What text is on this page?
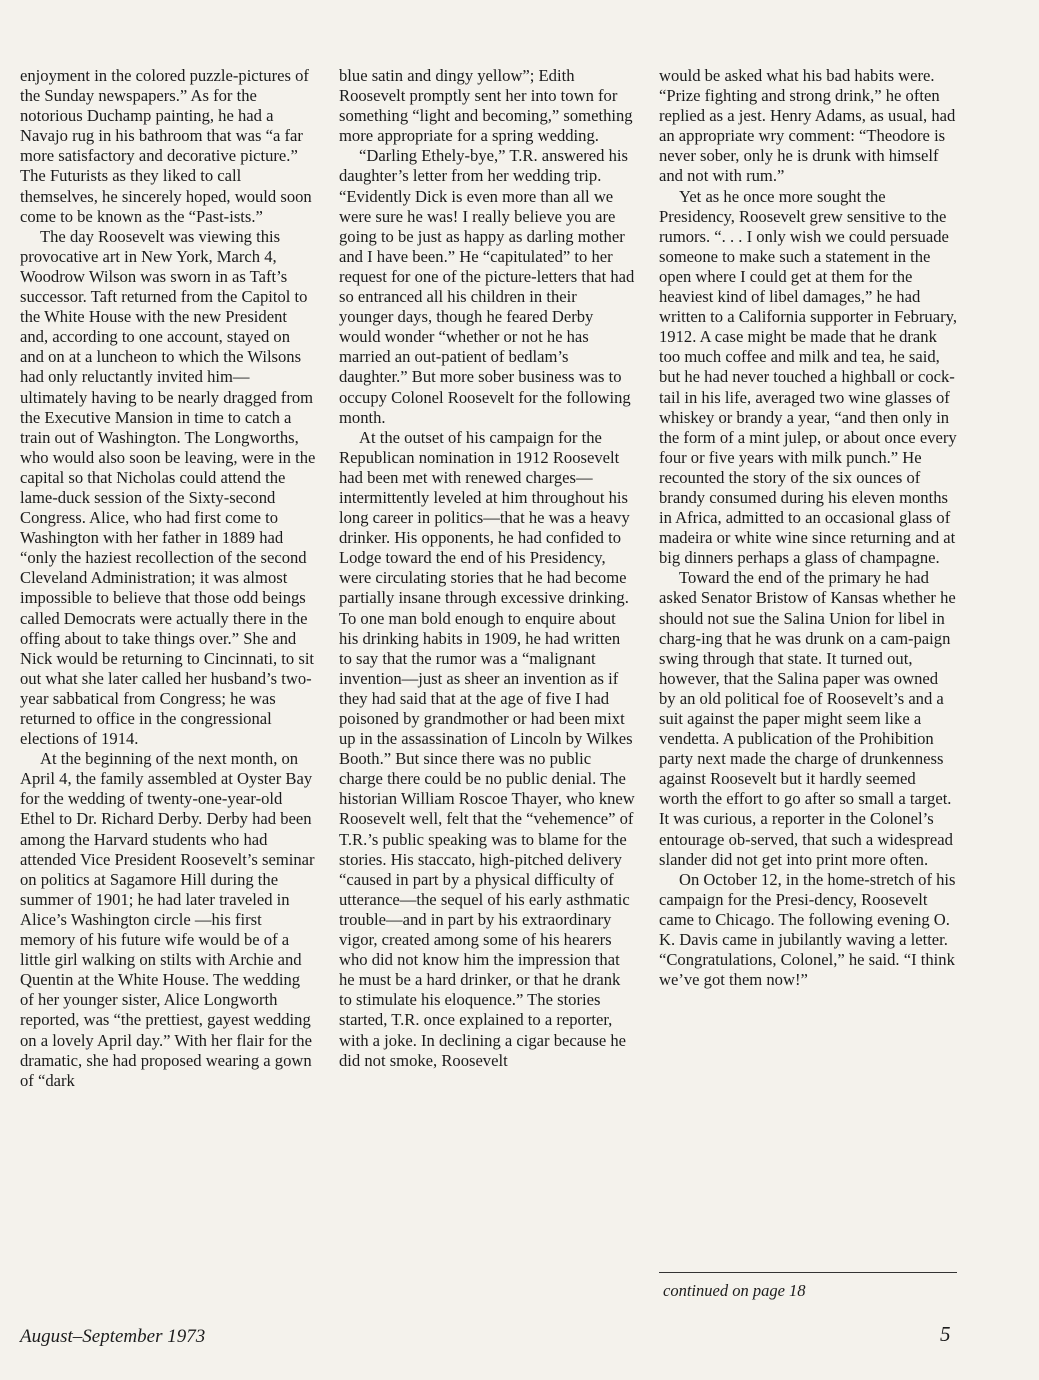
enjoyment in the colored puzzle-pictures of the Sunday newspapers.” As for the notorious Duchamp painting, he had a Navajo rug in his bathroom that was “a far more satisfactory and decorative picture.” The Futurists as they liked to call themselves, he sincerely hoped, would soon come to be known as the “Past-ists.”

The day Roosevelt was viewing this provocative art in New York, March 4, Woodrow Wilson was sworn in as Taft’s successor. Taft returned from the Capitol to the White House with the new President and, according to one account, stayed on and on at a luncheon to which the Wilsons had only reluctantly invited him—ultimately having to be nearly dragged from the Executive Mansion in time to catch a train out of Washington. The Longworths, who would also soon be leaving, were in the capital so that Nicholas could attend the lame-duck session of the Sixty-second Congress. Alice, who had first come to Washington with her father in 1889 had “only the haziest recollection of the second Cleveland Administration; it was almost impossible to believe that those odd beings called Democrats were actually there in the offing about to take things over.” She and Nick would be returning to Cincinnati, to sit out what she later called her husband’s two-year sabbatical from Congress; he was returned to office in the congressional elections of 1914.

At the beginning of the next month, on April 4, the family assembled at Oyster Bay for the wedding of twenty-one-year-old Ethel to Dr. Richard Derby. Derby had been among the Harvard students who had attended Vice President Roosevelt’s seminar on politics at Sagamore Hill during the summer of 1901; he had later traveled in Alice’s Washington circle —his first memory of his future wife would be of a little girl walking on stilts with Archie and Quentin at the White House. The wedding of her younger sister, Alice Longworth reported, was “the prettiest, gayest wedding on a lovely April day.” With her flair for the dramatic, she had proposed wearing a gown of “dark

blue satin and dingy yellow”; Edith Roosevelt promptly sent her into town for something “light and becoming,” something more appropriate for a spring wedding.

“Darling Ethely-bye,” T.R. answered his daughter’s letter from her wedding trip. “Evidently Dick is even more than all we were sure he was! I really believe you are going to be just as happy as darling mother and I have been.” He “capitulated” to her request for one of the picture-letters that had so entranced all his children in their younger days, though he feared Derby would wonder “whether or not he has married an out-patient of bedlam’s daughter.” But more sober business was to occupy Colonel Roosevelt for the following month.

At the outset of his campaign for the Republican nomination in 1912 Roosevelt had been met with renewed charges—intermittently leveled at him throughout his long career in politics—that he was a heavy drinker. His opponents, he had confided to Lodge toward the end of his Presidency, were circulating stories that he had become partially insane through excessive drinking. To one man bold enough to enquire about his drinking habits in 1909, he had written to say that the rumor was a “malignant invention—just as sheer an invention as if they had said that at the age of five I had poisoned by grandmother or had been mixt up in the assassination of Lincoln by Wilkes Booth.” But since there was no public charge there could be no public denial. The historian William Roscoe Thayer, who knew Roosevelt well, felt that the “vehemence” of T.R.’s public speaking was to blame for the stories. His staccato, high-pitched delivery “caused in part by a physical difficulty of utterance—the sequel of his early asthmatic trouble—and in part by his extraordinary vigor, created among some of his hearers who did not know him the impression that he must be a hard drinker, or that he drank to stimulate his eloquence.” The stories started, T.R. once explained to a reporter, with a joke. In declining a cigar because he did not smoke, Roosevelt

would be asked what his bad habits were. “Prize fighting and strong drink,” he often replied as a jest. Henry Adams, as usual, had an appropriate wry comment: “Theodore is never sober, only he is drunk with himself and not with rum.”

Yet as he once more sought the Presidency, Roosevelt grew sensitive to the rumors. “. . . I only wish we could persuade someone to make such a statement in the open where I could get at them for the heaviest kind of libel damages,” he had written to a California supporter in February, 1912. A case might be made that he drank too much coffee and milk and tea, he said, but he had never touched a highball or cock-tail in his life, averaged two wine glasses of whiskey or brandy a year, “and then only in the form of a mint julep, or about once every four or five years with milk punch.” He recounted the story of the six ounces of brandy consumed during his eleven months in Africa, admitted to an occasional glass of madeira or white wine since returning and at big dinners perhaps a glass of champagne.

Toward the end of the primary he had asked Senator Bristow of Kansas whether he should not sue the Salina Union for libel in charg-ing that he was drunk on a cam-paign swing through that state. It turned out, however, that the Salina paper was owned by an old political foe of Roosevelt’s and a suit against the paper might seem like a vendetta. A publication of the Prohibition party next made the charge of drunkenness against Roosevelt but it hardly seemed worth the effort to go after so small a target. It was curious, a reporter in the Colonel’s entourage ob-served, that such a widespread slander did not get into print more often.

On October 12, in the home-stretch of his campaign for the Presi-dency, Roosevelt came to Chicago. The following evening O. K. Davis came in jubilantly waving a letter. “Congratulations, Colonel,” he said. “I think we’ve got them now!”

continued on page 18
August–September 1973	5
